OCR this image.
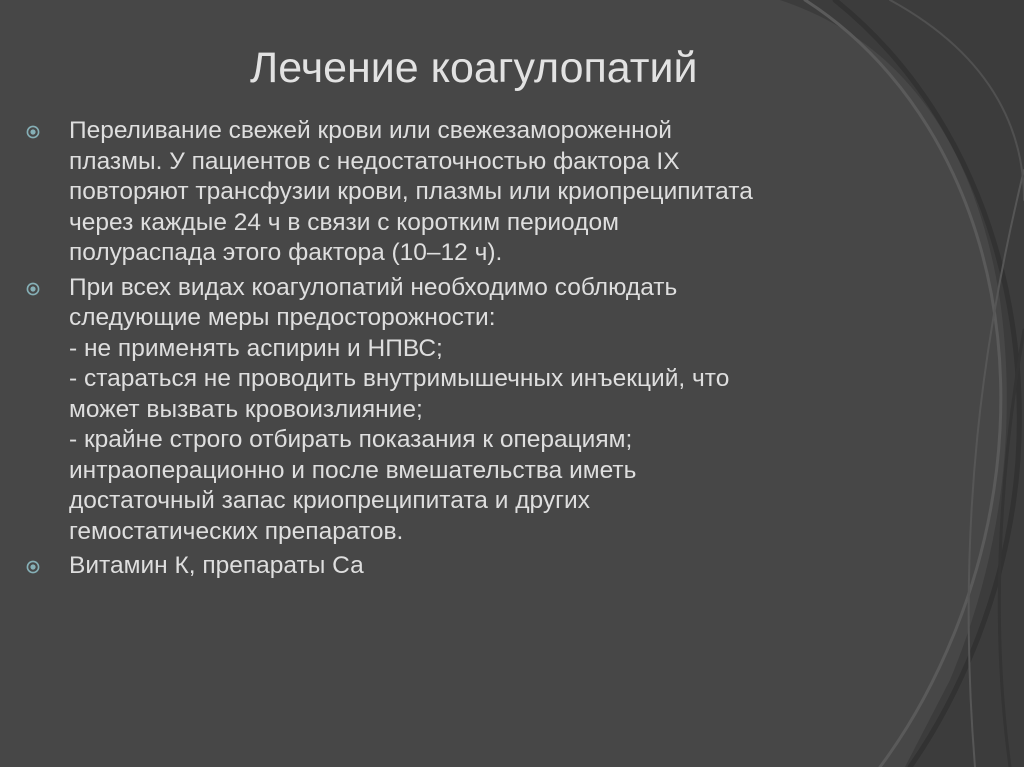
Лечение коагулопатий
Переливание свежей крови или свежезамороженной
плазмы. У пациентов с недостаточностью фактора IX
повторяют трансфузии крови, плазмы или криопреципитата
через каждые 24 ч в связи с коротким периодом
полураспада этого фактора (10–12 ч).
При всех видах коагулопатий необходимо соблюдать
следующие меры предосторожности:
- не применять аспирин и НПВС;
- стараться не проводить внутримышечных инъекций, что
может вызвать кровоизлияние;
- крайне строго отбирать показания к операциям;
интраоперационно и после вмешательства иметь
достаточный запас криопреципитата и других
гемостатических препаратов.
Витамин К, препараты Са
